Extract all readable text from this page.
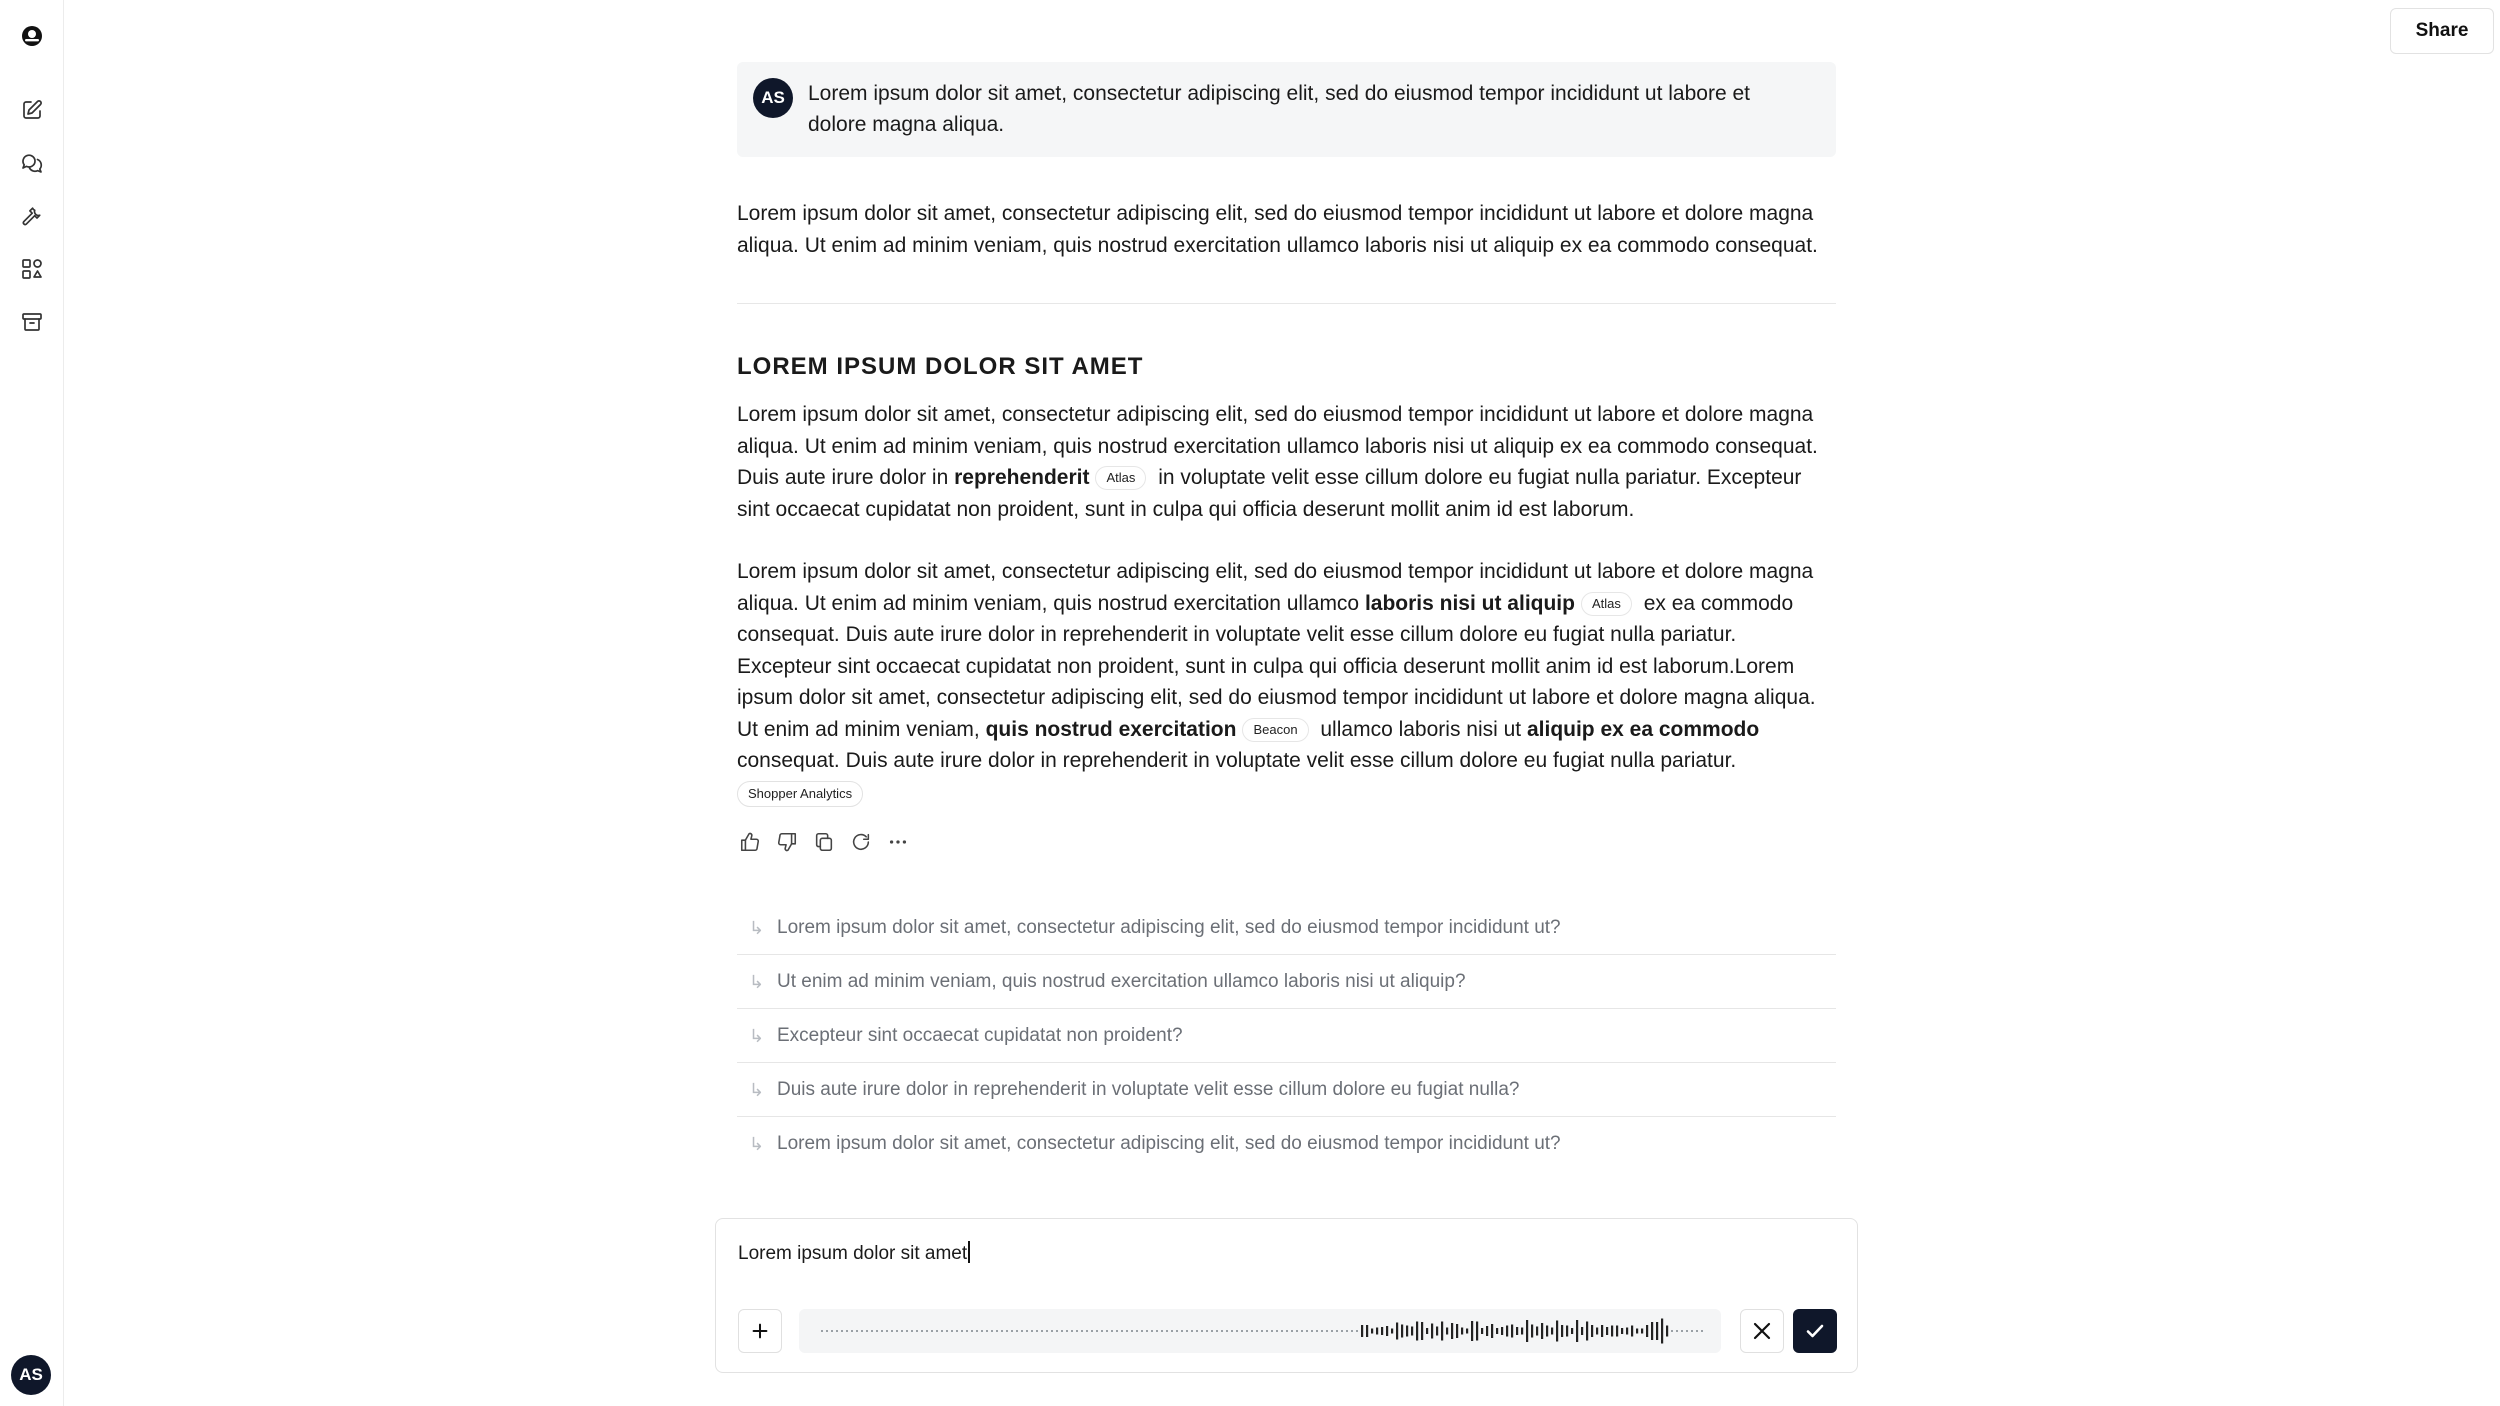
AS
Share
AS	Lorem ipsum dolor sit amet, consectetur adipiscing elit, sed do eiusmod tempor incididunt ut labore et dolore magna aliqua.
Lorem ipsum dolor sit amet, consectetur adipiscing elit, sed do eiusmod tempor incididunt ut labore et dolore magna aliqua. Ut enim ad minim veniam, quis nostrud exercitation ullamco laboris nisi ut aliquip ex ea commodo consequat.
LOREM IPSUM DOLOR SIT AMET
Lorem ipsum dolor sit amet, consectetur adipiscing elit, sed do eiusmod tempor incididunt ut labore et dolore magna aliqua. Ut enim ad minim veniam, quis nostrud exercitation ullamco laboris nisi ut aliquip ex ea commodo consequat. Duis aute irure dolor in reprehenderit Atlas in voluptate velit esse cillum dolore eu fugiat nulla pariatur. Excepteur sint occaecat cupidatat non proident, sunt in culpa qui officia deserunt mollit anim id est laborum.
Lorem ipsum dolor sit amet, consectetur adipiscing elit, sed do eiusmod tempor incididunt ut labore et dolore magna aliqua. Ut enim ad minim veniam, quis nostrud exercitation ullamco laboris nisi ut aliquip Atlas ex ea commodo consequat. Duis aute irure dolor in reprehenderit in voluptate velit esse cillum dolore eu fugiat nulla pariatur. Excepteur sint occaecat cupidatat non proident, sunt in culpa qui officia deserunt mollit anim id est laborum.Lorem ipsum dolor sit amet, consectetur adipiscing elit, sed do eiusmod tempor incididunt ut labore et dolore magna aliqua. Ut enim ad minim veniam, quis nostrud exercitation Beacon ullamco laboris nisi ut aliquip ex ea commodo consequat. Duis aute irure dolor in reprehenderit in voluptate velit esse cillum dolore eu fugiat nulla pariatur.
Shopper Analytics
↳ Lorem ipsum dolor sit amet, consectetur adipiscing elit, sed do eiusmod tempor incididunt ut?
↳ Ut enim ad minim veniam, quis nostrud exercitation ullamco laboris nisi ut aliquip?
↳ Excepteur sint occaecat cupidatat non proident?
↳ Duis aute irure dolor in reprehenderit in voluptate velit esse cillum dolore eu fugiat nulla?
↳ Lorem ipsum dolor sit amet, consectetur adipiscing elit, sed do eiusmod tempor incididunt ut?
Lorem ipsum dolor sit amet
